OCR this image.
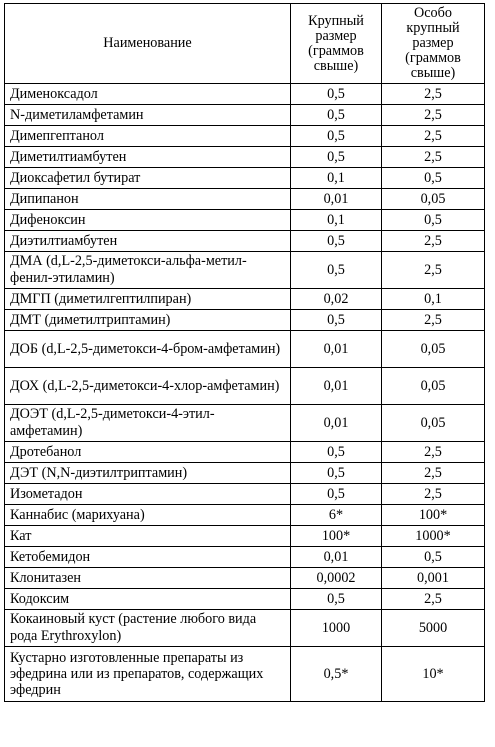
Наименование	Крупный размер (граммов свыше)	Особо крупный размер (граммов свыше)
Дименоксадол	0,5	2,5
N-диметиламфетамин	0,5	2,5
Димепгептанол	0,5	2,5
Диметилтиамбутен	0,5	2,5
Диоксафетил бутират	0,1	0,5
Дипипанон	0,01	0,05
Дифеноксин	0,1	0,5
Диэтилтиамбутен	0,5	2,5
ДМА (d,L-2,5-диметокси-альфа-метил-фенил-этиламин)	0,5	2,5
ДМГП (диметилгептилпиран)	0,02	0,1
ДМТ (диметилтриптамин)	0,5	2,5
ДОБ (d,L-2,5-диметокси-4-бром-амфетамин)	0,01	0,05
ДОХ (d,L-2,5-диметокси-4-хлор-амфетамин)	0,01	0,05
ДОЭТ (d,L-2,5-диметокси-4-этил-амфетамин)	0,01	0,05
Дротебанол	0,5	2,5
ДЭТ (N,N-диэтилтриптамин)	0,5	2,5
Изометадон	0,5	2,5
Каннабис (марихуана)	6*	100*
Кат	100*	1000*
Кетобемидон	0,01	0,5
Клонитазен	0,0002	0,001
Кодоксим	0,5	2,5
Кокаиновый куст (растение любого вида рода Erythroxylon)	1000	5000
Кустарно изготовленные препараты из эфедрина или из препаратов, содержащих эфедрин	0,5*	10*
